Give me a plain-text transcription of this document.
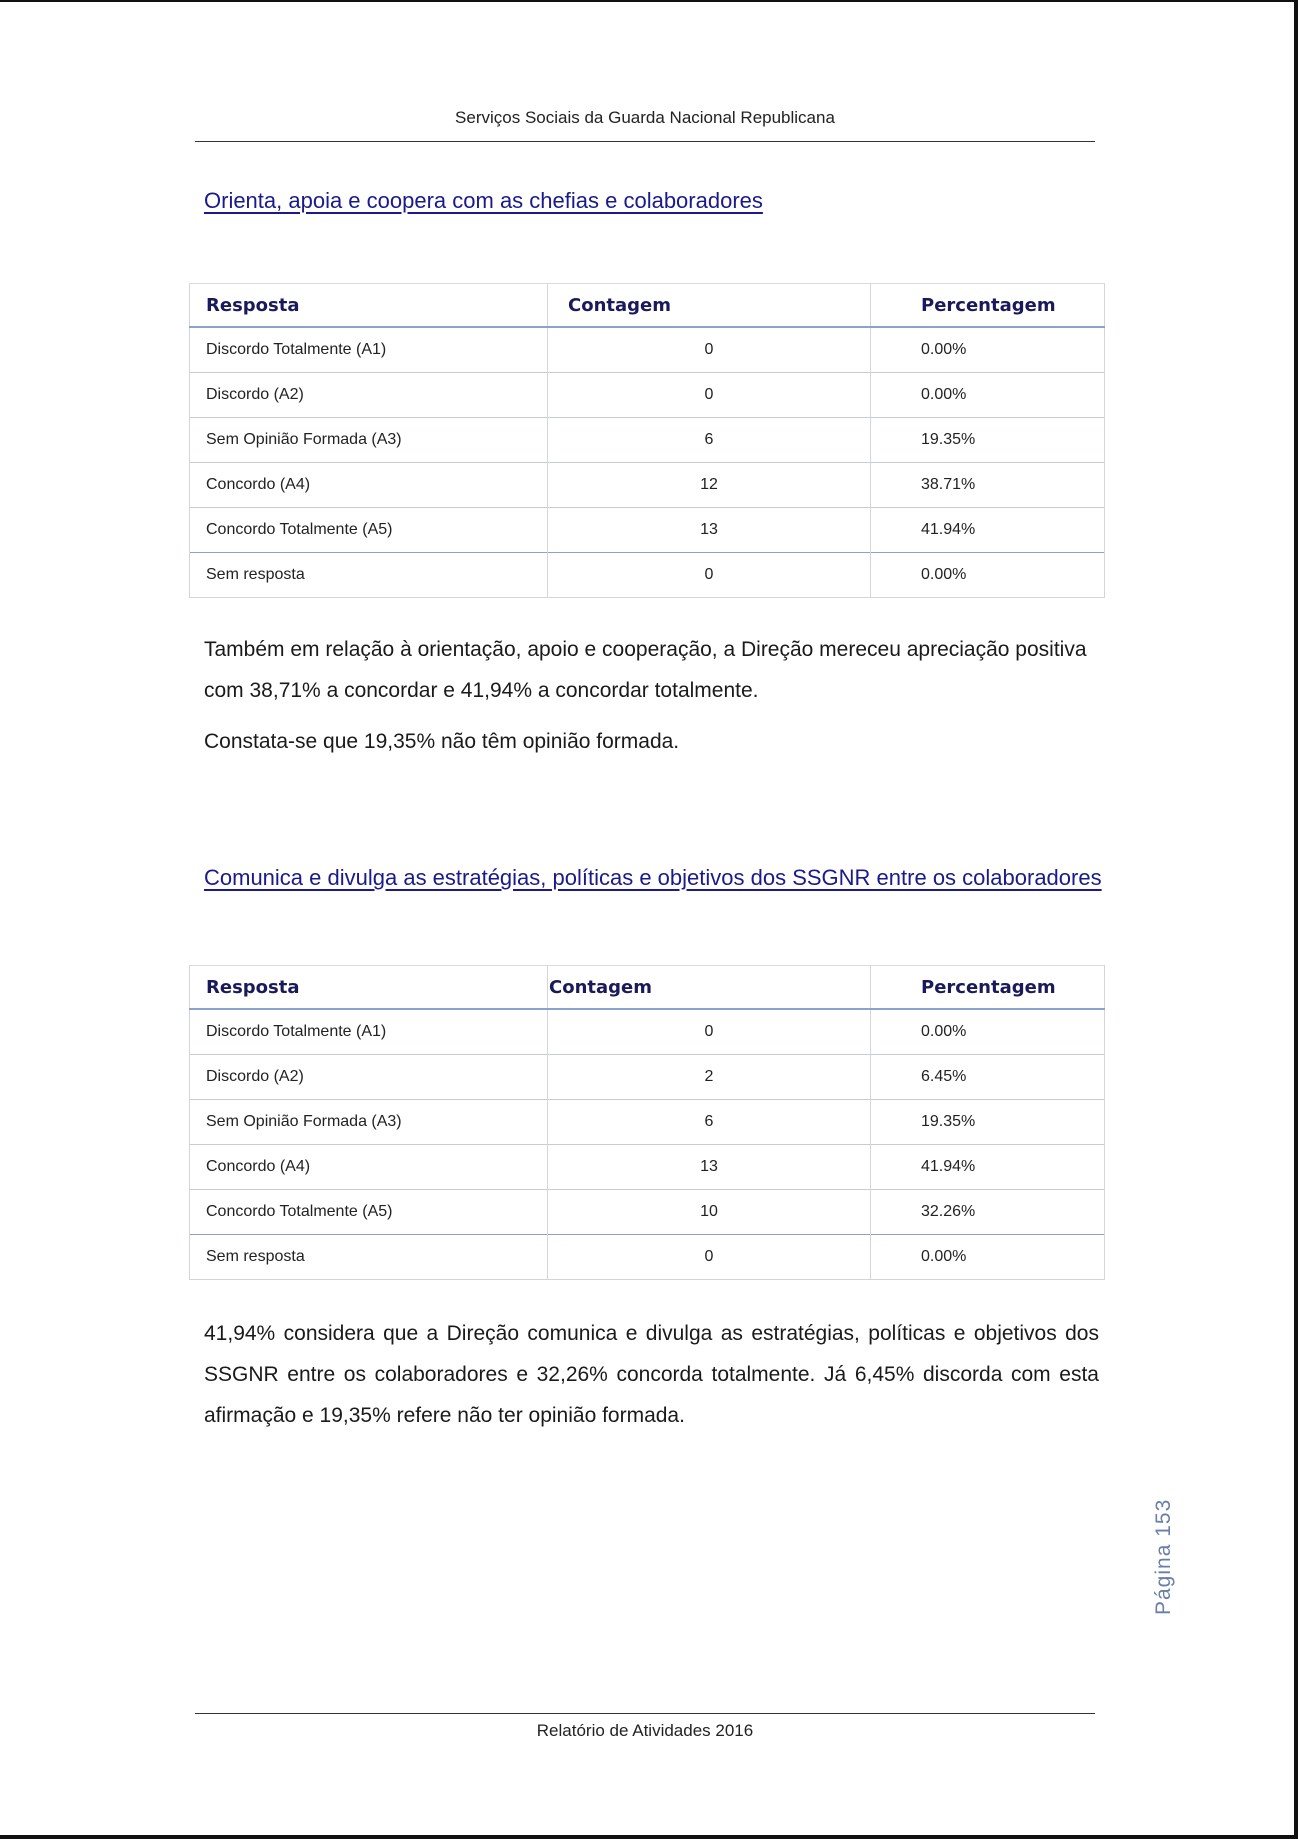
Serviços Sociais da Guarda Nacional Republicana
Orienta, apoia e coopera com as chefias e colaboradores
Resposta	Contagem	Percentagem
Discordo Totalmente (A1)	0	0.00%
Discordo (A2)	0	0.00%
Sem Opinião Formada (A3)	6	19.35%
Concordo (A4)	12	38.71%
Concordo Totalmente (A5)	13	41.94%
Sem resposta	0	0.00%

Também em relação à orientação, apoio e cooperação, a Direção mereceu apreciação positiva com 38,71% a concordar e 41,94% a concordar totalmente.

Constata-se que 19,35% não têm opinião formada.

Comunica e divulga as estratégias, políticas e objetivos dos SSGNR entre os colaboradores
Resposta	Contagem	Percentagem
Discordo Totalmente (A1)	0	0.00%
Discordo (A2)	2	6.45%
Sem Opinião Formada (A3)	6	19.35%
Concordo (A4)	13	41.94%
Concordo Totalmente (A5)	10	32.26%
Sem resposta	0	0.00%

41,94% considera que a Direção comunica e divulga as estratégias, políticas e objetivos dos SSGNR entre os colaboradores e 32,26% concorda totalmente. Já 6,45% discorda com esta afirmação e 19,35% refere não ter opinião formada.

Página 153
Relatório de Atividades 2016
